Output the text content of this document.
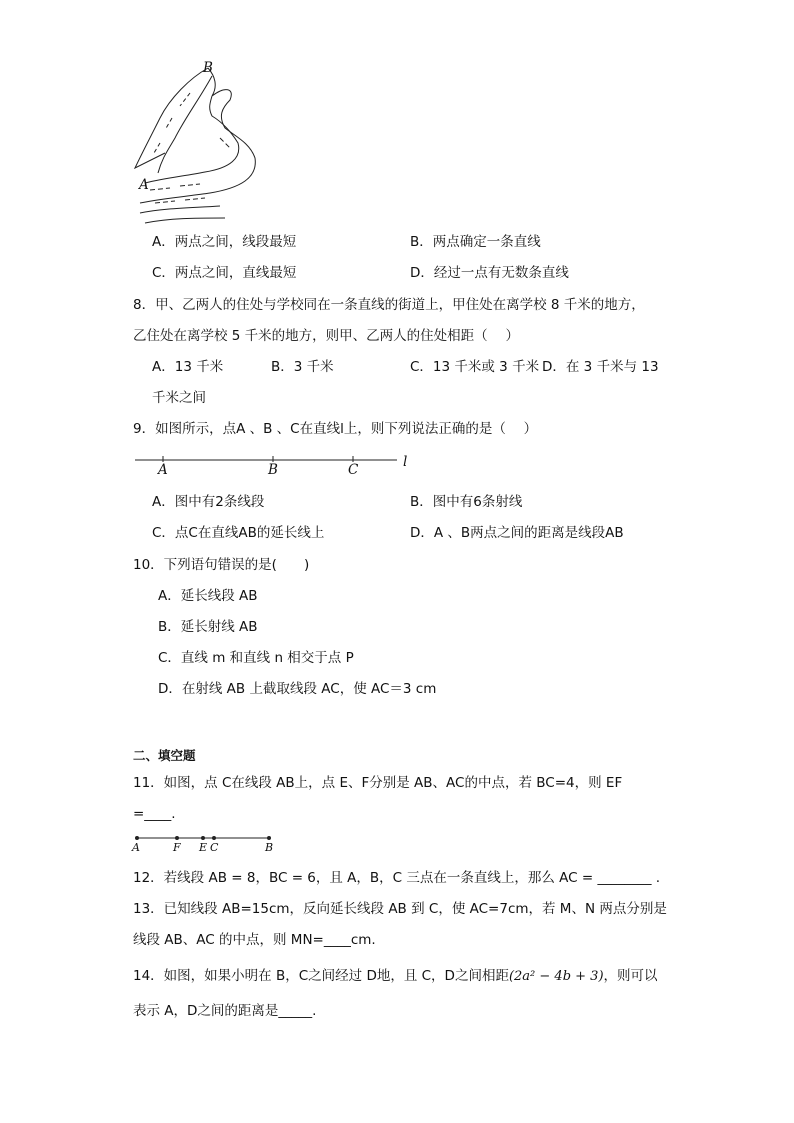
B
A
A．两点之间，线段最短	B．两点确定一条直线
C．两点之间，直线最短	D．经过一点有无数条直线
8．甲、乙两人的住处与学校同在一条直线的街道上，甲住处在离学校 8 千米的地方，
乙住处在离学校 5 千米的地方，则甲、乙两人的住处相距（　 ）
A．13 千米	B．3 千米	C．13 千米或 3 千米 D．在 3 千米与 13
千米之间
9．如图所示，点A 、B 、C在直线l上，则下列说法正确的是（　 ）
A	B	C	l
A．图中有2条线段	B．图中有6条射线
C．点C在直线AB的延长线上	D．A 、B两点之间的距离是线段AB
10．下列语句错误的是(　　)
A．延长线段 AB
B．延长射线 AB
C．直线 m 和直线 n 相交于点 P
D．在射线 AB 上截取线段 AC，使 AC＝3 cm
二、填空题
11．如图，点 C在线段 AB上，点 E、F分别是 AB、AC的中点，若 BC=4，则 EF
=____.
A	F E C	B
12．若线段 AB = 8，BC = 6，且 A，B，C 三点在一条直线上，那么 AC = ________ .
13．已知线段 AB=15cm，反向延长线段 AB 到 C，使 AC=7cm，若 M、N 两点分别是
线段 AB、AC 的中点，则 MN=____cm.
14．如图，如果小明在 B，C之间经过 D地，且 C，D之间相距(2a² − 4b + 3)，则可以
表示 A，D之间的距离是_____.
